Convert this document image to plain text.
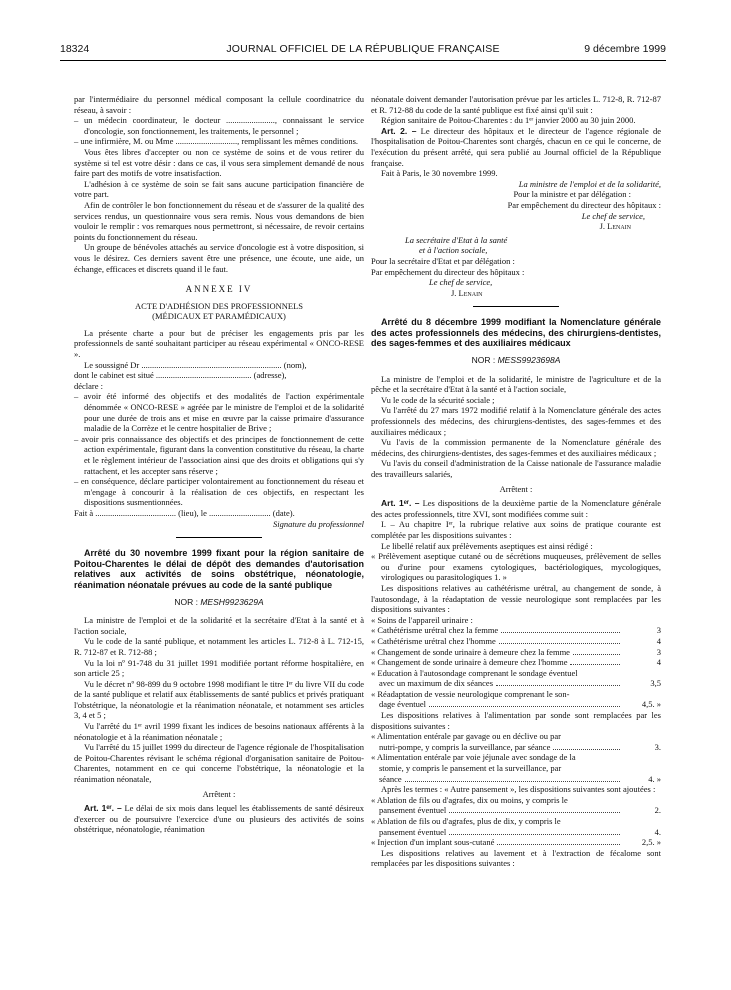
18324	JOURNAL OFFICIEL DE LA RÉPUBLIQUE FRANÇAISE	9 décembre 1999

par l'intermédiaire du personnel médical composant la cellule coordinatrice du réseau, à savoir :

– un médecin coordinateur, le docteur ......................., connaissant le service d'oncologie, son fonctionnement, les traitements, le personnel ;

– une infirmière, M. ou Mme ............................., remplissant les mêmes conditions.

Vous êtes libres d'accepter ou non ce système de soins et de vous retirer du système si tel est votre désir : dans ce cas, il vous sera simplement demandé de nous faire part des motifs de votre insatisfaction.

L'adhésion à ce système de soin se fait sans aucune participation financière de votre part.

Afin de contrôler le bon fonctionnement du réseau et de s'assurer de la qualité des services rendus, un questionnaire vous sera remis. Nous vous demandons de bien vouloir le remplir : vos remarques nous permettront, si nécessaire, de revoir certains points du fonctionnement du réseau.

Un groupe de bénévoles attachés au service d'oncologie est à votre disposition, si vous le désirez. Ces derniers savent être une présence, une écoute, une aide, un échange, efficaces et discrets quand il le faut.

ANNEXE IV
ACTE D'ADHÉSION DES PROFESSIONNELS
(MÉDICAUX ET PARAMÉDICAUX)

La présente charte a pour but de préciser les engagements pris par les professionnels de santé souhaitant participer au réseau expérimental « ONCO-RESE ».

Le soussigné Dr .................................................................. (nom),

dont le cabinet est situé ............................................. (adresse),

déclare :

– avoir été informé des objectifs et des modalités de l'action expérimentale dénommée « ONCO-RESE » agréée par le ministre de l'emploi et de la solidarité pour une durée de trois ans et mise en œuvre par la caisse primaire d'assurance maladie de la Corrèze et le centre hospitalier de Brive ;

– avoir pris connaissance des objectifs et des principes de fonctionnement de cette action expérimentale, figurant dans la convention constitutive du réseau, la charte et le règlement intérieur de l'association ainsi que des droits et obligations qui s'y rattachent, et les accepter sans réserve ;

– en conséquence, déclare participer volontairement au fonctionnement du réseau et m'engage à concourir à la réalisation de ces objectifs, en respectant les dispositions susmentionnées.

Fait à ...................................... (lieu), le ............................. (date).

Signature du professionnel

Arrêté du 30 novembre 1999 fixant pour la région sanitaire de Poitou-Charentes le délai de dépôt des demandes d'autorisation relatives aux activités de soins obstétrique, néonatologie, réanimation néonatale prévues au code de la santé publique

NOR : MESH9923629A

La ministre de l'emploi et de la solidarité et la secrétaire d'Etat à la santé et à l'action sociale,

Vu le code de la santé publique, et notamment les articles L. 712-8 à L. 712-15, R. 712-87 et R. 712-88 ;

Vu la loi nº 91-748 du 31 juillet 1991 modifiée portant réforme hospitalière, en son article 25 ;

Vu le décret nº 98-899 du 9 octobre 1998 modifiant le titre Iᵉʳ du livre VII du code de la santé publique et relatif aux établissements de santé publics et privés pratiquant l'obstétrique, la néonatologie et la réanimation néonatale, et notamment ses articles 3, 4 et 5 ;

Vu l'arrêté du 1ᵉʳ avril 1999 fixant les indices de besoins nationaux afférents à la néonatologie et à la réanimation néonatale ;

Vu l'arrêté du 15 juillet 1999 du directeur de l'agence régionale de l'hospitalisation de Poitou-Charentes révisant le schéma régional d'organisation sanitaire de Poitou-Charentes, notamment en ce qui concerne l'obstétrique, la néonatologie et la réanimation néonatale,

Arrêtent :

Art. 1ᵉʳ. – Le délai de six mois dans lequel les établissements de santé désireux d'exercer ou de poursuivre l'exercice d'une ou plusieurs des activités de soins obstétrique, néonatologie, réanimation

néonatale doivent demander l'autorisation prévue par les articles L. 712-8, R. 712-87 et R. 712-88 du code de la santé publique est fixé ainsi qu'il suit :

Région sanitaire de Poitou-Charentes : du 1ᵉʳ janvier 2000 au 30 juin 2000.

Art. 2. – Le directeur des hôpitaux et le directeur de l'agence régionale de l'hospitalisation de Poitou-Charentes sont chargés, chacun en ce qui le concerne, de l'exécution du présent arrêté, qui sera publié au Journal officiel de la République française.

Fait à Paris, le 30 novembre 1999.

La ministre de l'emploi et de la solidarité,

Pour la ministre et par délégation :

Par empêchement du directeur des hôpitaux :

Le chef de service,

J. Lenain

La secrétaire d'Etat à la santé

et à l'action sociale,

Pour la secrétaire d'Etat et par délégation :

Par empêchement du directeur des hôpitaux :

Le chef de service,

J. Lenain

Arrêté du 8 décembre 1999 modifiant la Nomenclature générale des actes professionnels des médecins, des chirurgiens-dentistes, des sages-femmes et des auxiliaires médicaux

NOR : MESS9923698A

La ministre de l'emploi et de la solidarité, le ministre de l'agriculture et de la pêche et la secrétaire d'Etat à la santé et à l'action sociale,

Vu le code de la sécurité sociale ;

Vu l'arrêté du 27 mars 1972 modifié relatif à la Nomenclature générale des actes professionnels des médecins, des chirurgiens-dentistes, des sages-femmes et des auxiliaires médicaux ;

Vu l'avis de la commission permanente de la Nomenclature générale des médecins, des chirurgiens-dentistes, des sages-femmes et des auxiliaires médicaux ;

Vu l'avis du conseil d'administration de la Caisse nationale de l'assurance maladie des travailleurs salariés,

Arrêtent :

Art. 1ᵉʳ. – Les dispositions de la deuxième partie de la Nomenclature générale des actes professionnels, titre XVI, sont modifiées comme suit :

I. – Au chapitre Iᵉʳ, la rubrique relative aux soins de pratique courante est complétée par les dispositions suivantes :

Le libellé relatif aux prélèvements aseptiques est ainsi rédigé :

« Prélèvement aseptique cutané ou de sécrétions muqueuses, prélèvement de selles ou d'urine pour examens cytologiques, bactériologiques, mycologiques, virologiques ou parasitologiques 1. »

Les dispositions relatives au cathétérisme urétral, au changement de sonde, à l'autosondage, à la réadaptation de vessie neurologique sont remplacées par les dispositions suivantes :

« Soins de l'appareil urinaire :

« Cathétérisme urétral chez la femme	3
« Cathétérisme urétral chez l'homme	4
« Changement de sonde urinaire à demeure chez la femme	3
« Changement de sonde urinaire à demeure chez l'homme	4
« Education à l'autosondage comprenant le sondage éventuel
avec un maximum de dix séances	3,5
« Réadaptation de vessie neurologique comprenant le son-
dage éventuel	4,5. »

Les dispositions relatives à l'alimentation par sonde sont remplacées par les dispositions suivantes :

« Alimentation entérale par gavage ou en déclive ou par
nutri-pompe, y compris la surveillance, par séance	3.
« Alimentation entérale par voie jéjunale avec sondage de la
stomie, y compris le pansement et la surveillance, par
séance	4. »

Après les termes : « Autre pansement », les dispositions suivantes sont ajoutées :

« Ablation de fils ou d'agrafes, dix ou moins, y compris le
pansement éventuel	2.
« Ablation de fils ou d'agrafes, plus de dix, y compris le
pansement éventuel	4.
« Injection d'un implant sous-cutané	2,5. »

Les dispositions relatives au lavement et à l'extraction de fécalome sont remplacées par les dispositions suivantes :
